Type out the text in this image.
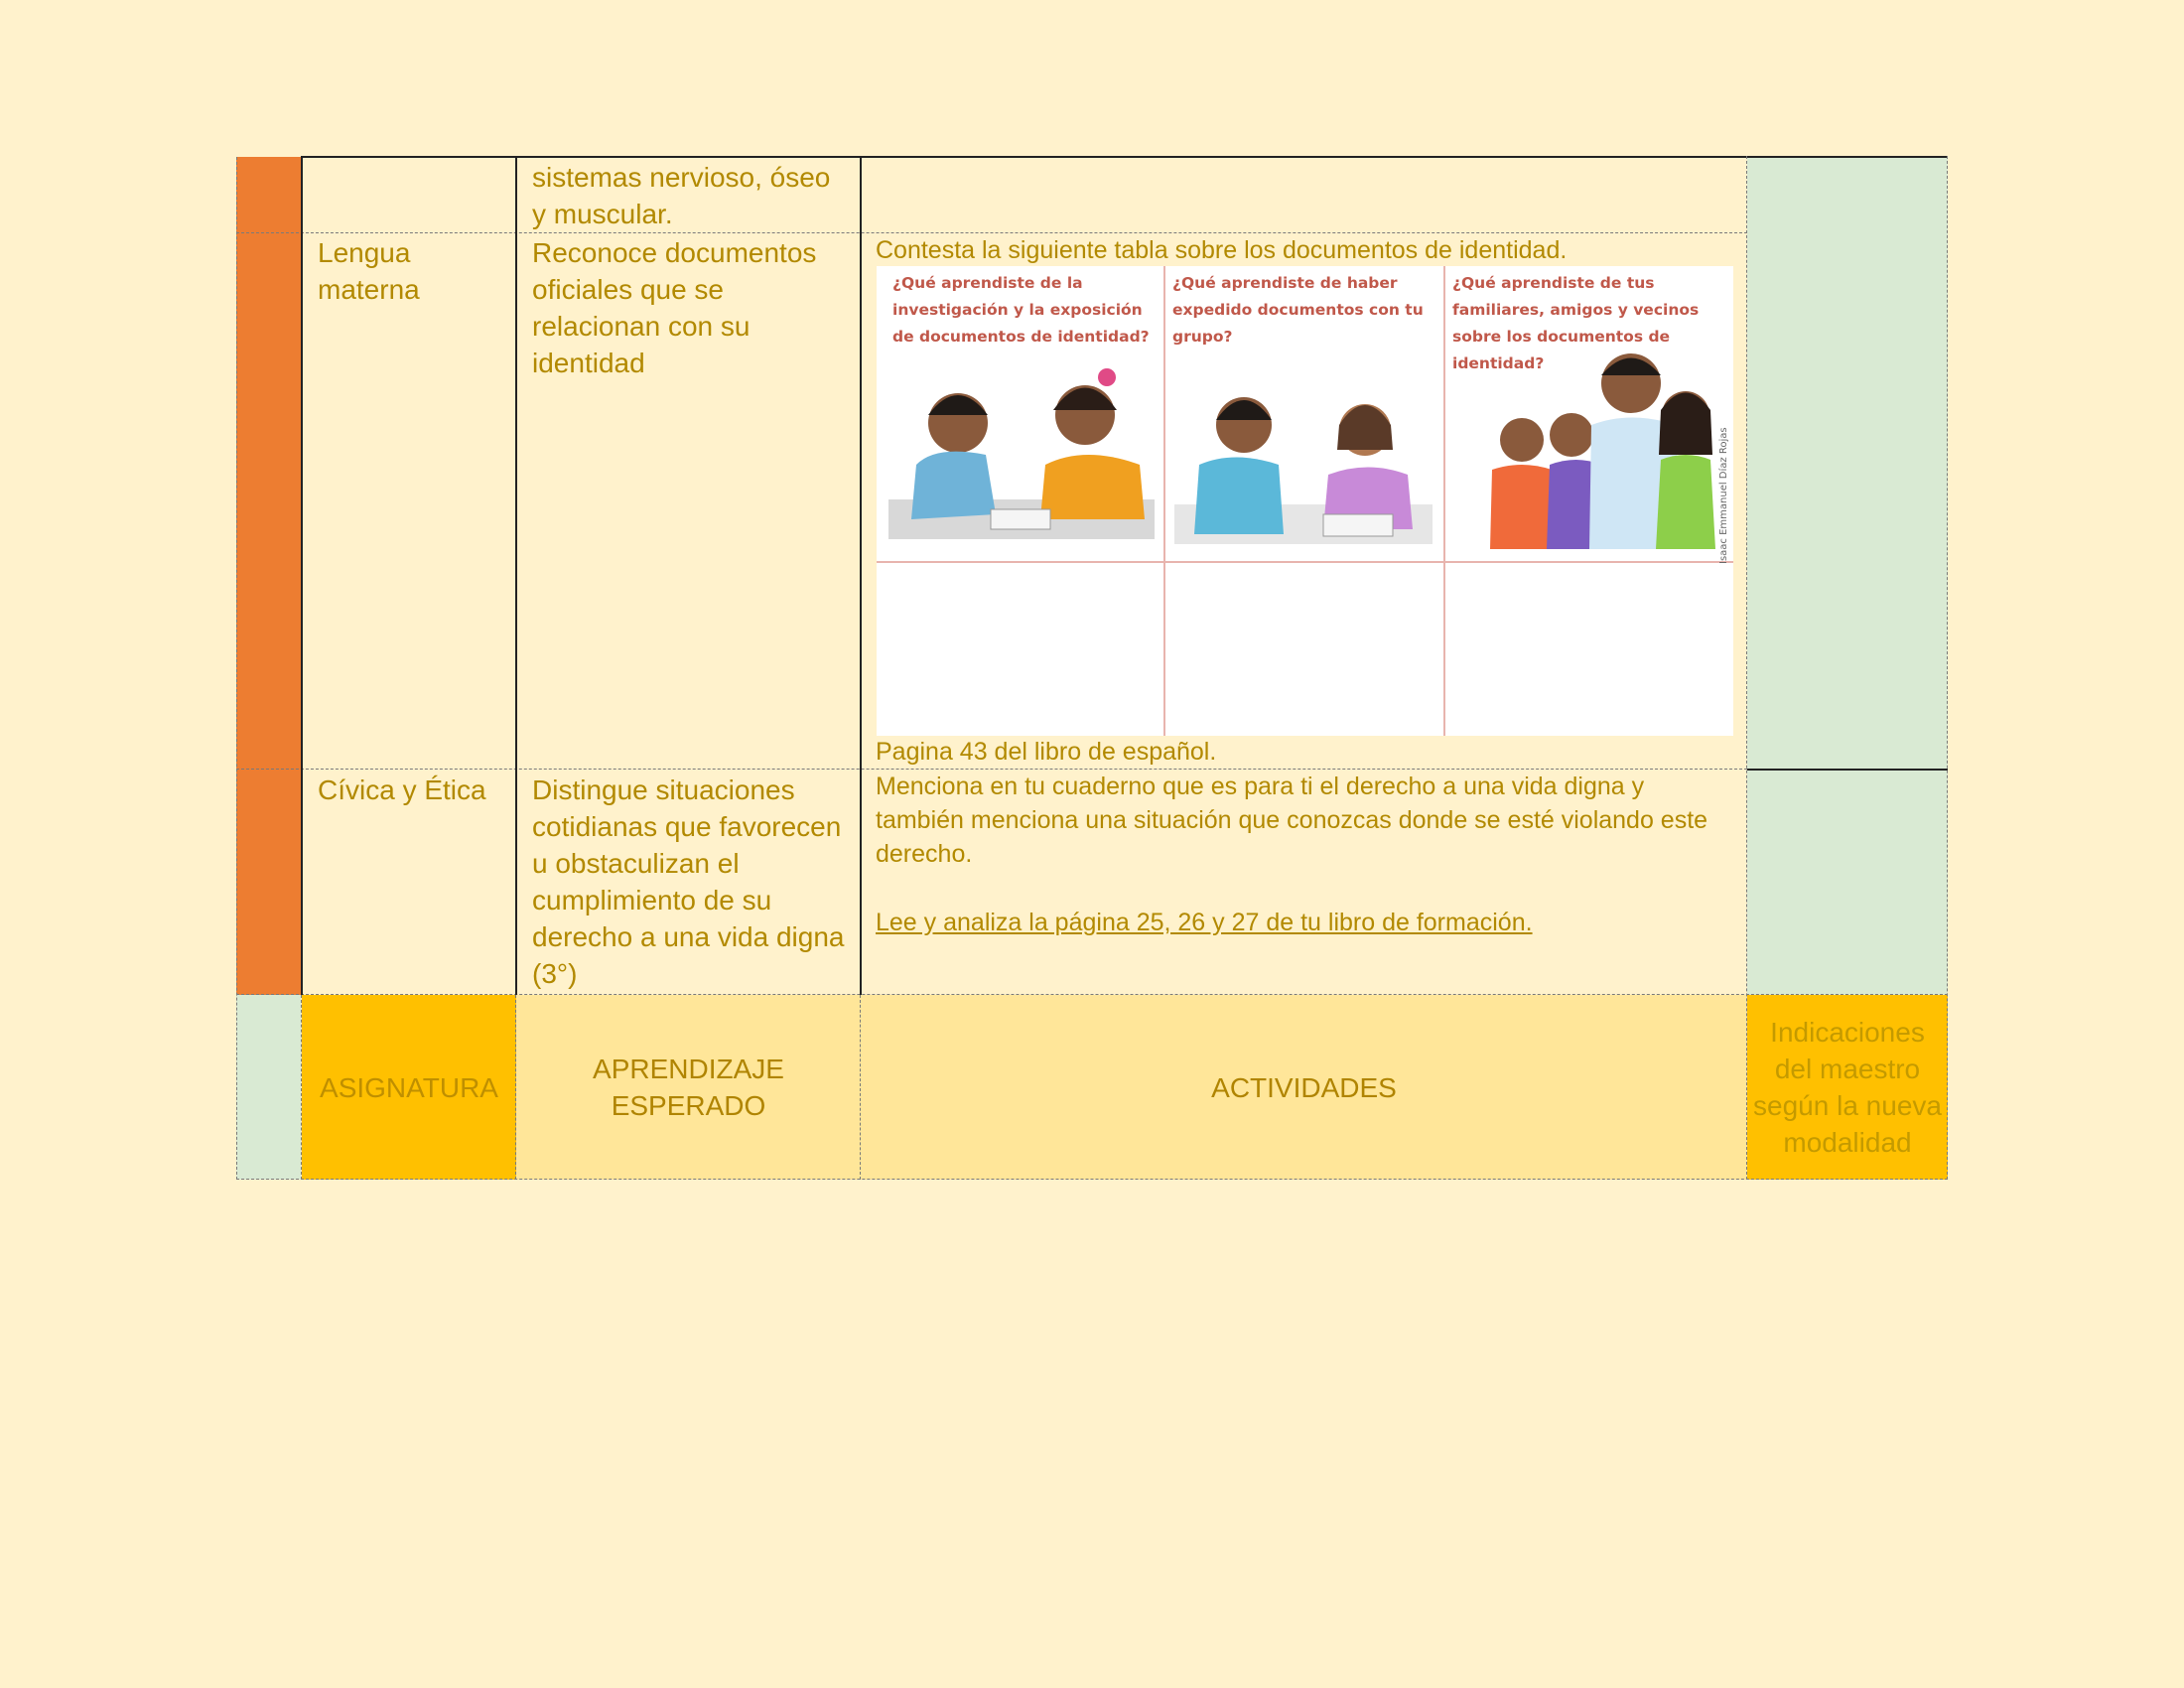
sistemas nervioso, óseo y muscular.
Lengua materna
Reconoce documentos oficiales que se relacionan con su identidad
Contesta la siguiente tabla sobre los documentos de identidad.
¿Qué aprendiste de la investigación y la exposición de documentos de identidad?
¿Qué aprendiste de haber expedido documentos con tu grupo?
¿Qué aprendiste de tus familiares, amigos y vecinos sobre los documentos de identidad?
Isaac Emmanuel Díaz Rojas
Pagina 43 del libro de español.
Cívica y Ética	Distingue situaciones cotidianas que favorecen u obstaculizan el cumplimiento de su derecho a una vida digna (3°)
Menciona en tu cuaderno que es para ti el derecho a una vida digna y también menciona una situación que conozcas donde se esté violando este derecho.
Lee y analiza la página 25, 26 y 27 de tu libro de formación.
ASIGNATURA
APRENDIZAJE ESPERADO
ACTIVIDADES
Indicaciones del maestro según la nueva modalidad
